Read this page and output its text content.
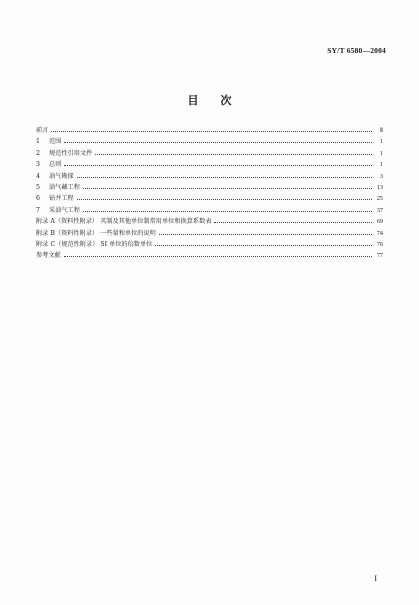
SY/T 6580—2004
目 次
前言	Ⅱ
1	范围	1
2	规范性引用文件	1
3	总则	1
4	油气勘探	3
5	油气藏工程	13
6	钻井工程	25
7	采油气工程	37
附录 A（资料性附录） 英制及其他单位制常用单位和换算系数表	69
附录 B（资料性附录） 一些量和单位的说明	74
附录 C（规范性附录） SI 单位的倍数单位	76
参考文献	77
I
